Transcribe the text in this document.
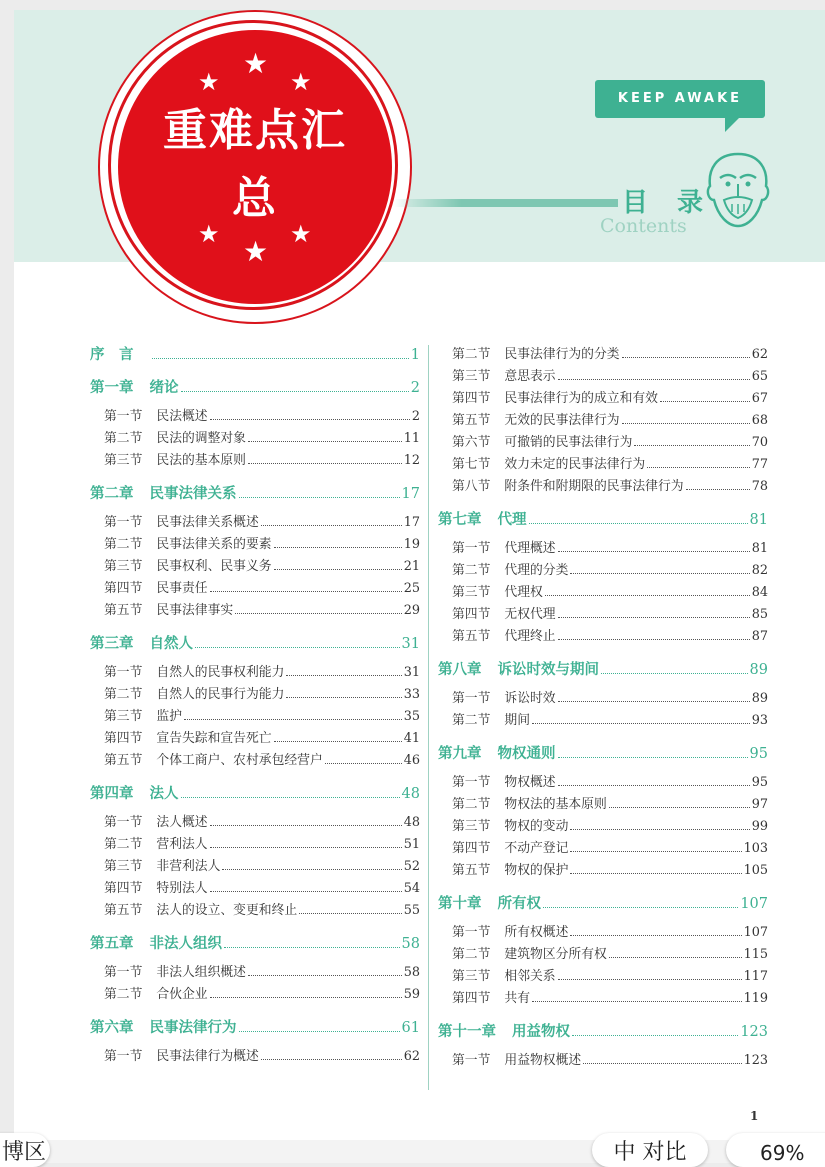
★
★
★
★
★
★
重难点汇
总
KEEP AWAKE
目 录
Contents
序　言	1
第一章 绪论	2
第一节 民法概述	2
第二节 民法的调整对象	11
第三节 民法的基本原则	12
第二章 民事法律关系	17
第一节 民事法律关系概述	17
第二节 民事法律关系的要素	19
第三节 民事权利、民事义务	21
第四节 民事责任	25
第五节 民事法律事实	29
第三章 自然人	31
第一节 自然人的民事权利能力	31
第二节 自然人的民事行为能力	33
第三节 监护	35
第四节 宣告失踪和宣告死亡	41
第五节 个体工商户、农村承包经营户	46
第四章 法人	48
第一节 法人概述	48
第二节 营利法人	51
第三节 非营利法人	52
第四节 特别法人	54
第五节 法人的设立、变更和终止	55
第五章 非法人组织	58
第一节 非法人组织概述	58
第二节 合伙企业	59
第六章 民事法律行为	61
第一节 民事法律行为概述	62
第二节 民事法律行为的分类	62
第三节 意思表示	65
第四节 民事法律行为的成立和有效	67
第五节 无效的民事法律行为	68
第六节 可撤销的民事法律行为	70
第七节 效力未定的民事法律行为	77
第八节 附条件和附期限的民事法律行为	78
第七章 代理	81
第一节 代理概述	81
第二节 代理的分类	82
第三节 代理权	84
第四节 无权代理	85
第五节 代理终止	87
第八章 诉讼时效与期间	89
第一节 诉讼时效	89
第二节 期间	93
第九章 物权通则	95
第一节 物权概述	95
第二节 物权法的基本原则	97
第三节 物权的变动	99
第四节 不动产登记	103
第五节 物权的保护	105
第十章 所有权	107
第一节 所有权概述	107
第二节 建筑物区分所有权	115
第三节 相邻关系	117
第四节 共有	119
第十一章 用益物权	123
第一节 用益物权概述	123
1
博区	中 对比	69%
